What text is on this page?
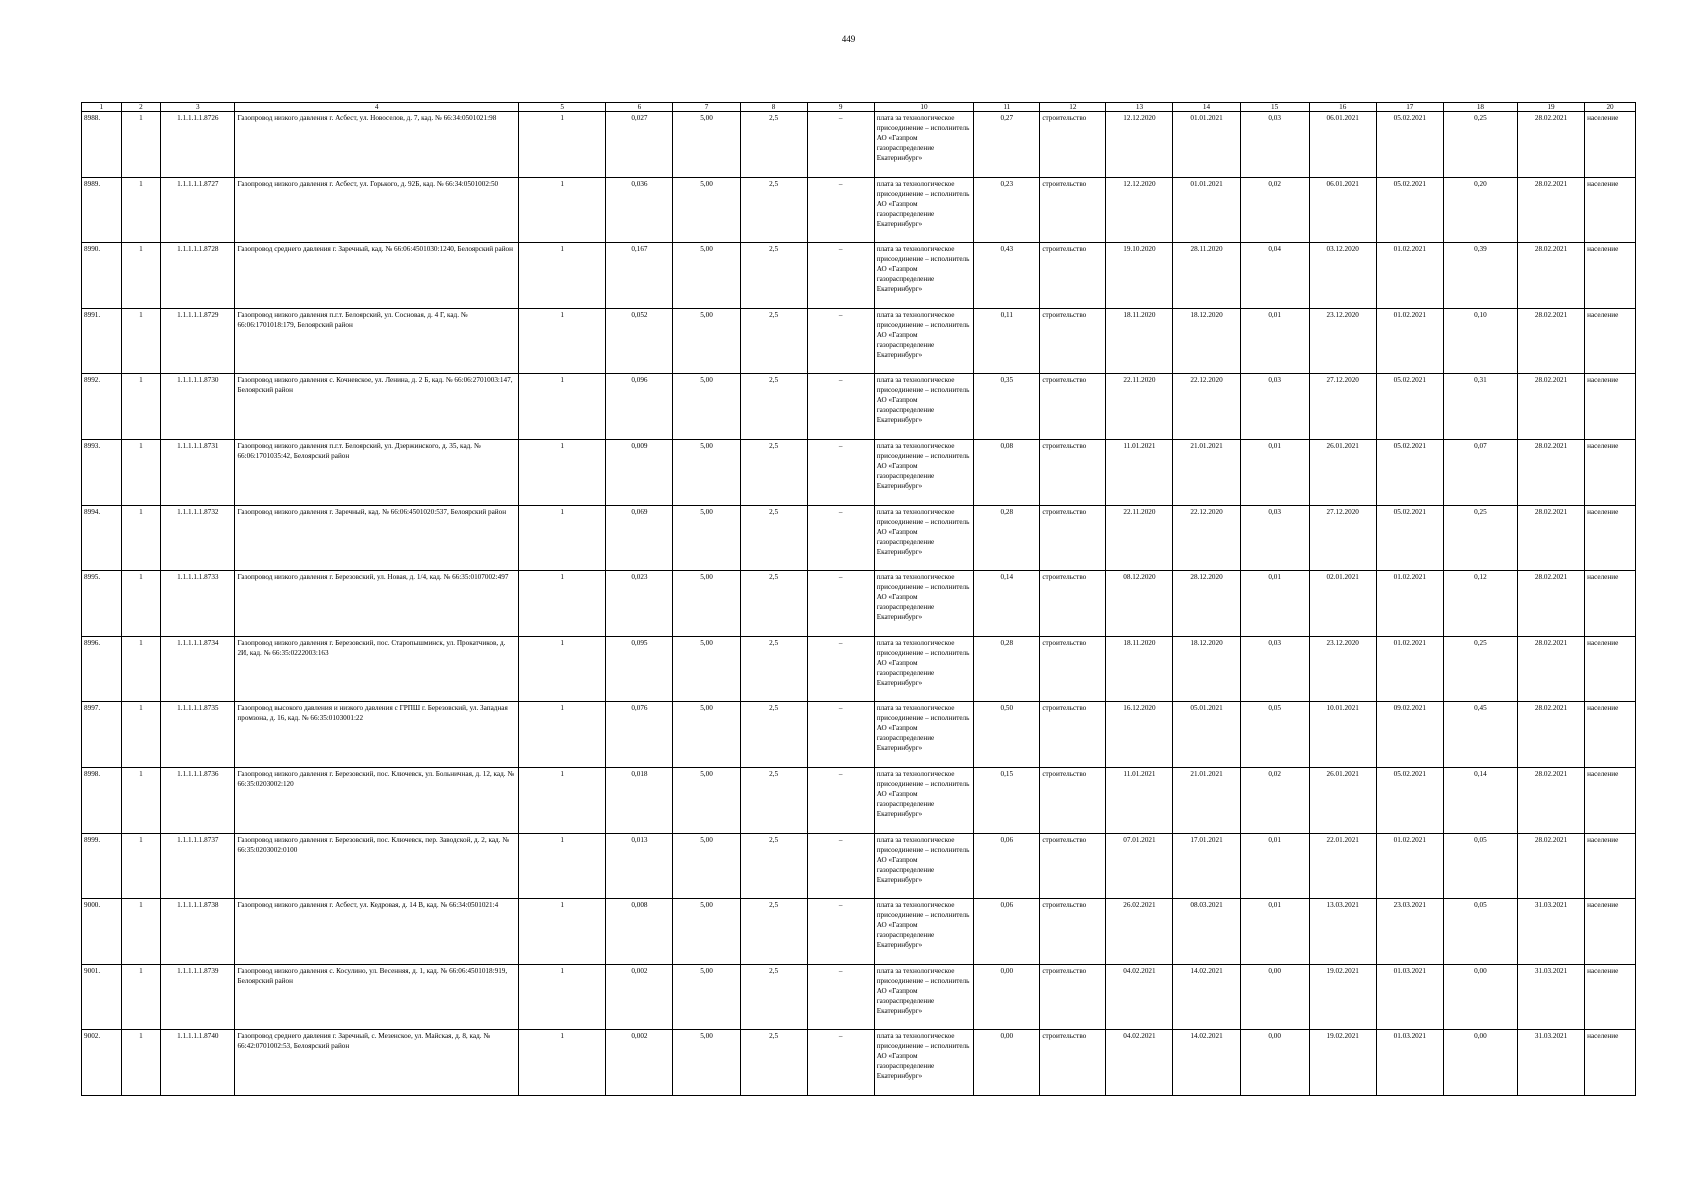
449
1	2	3	4	5	6	7	8	9	10	11	12	13	14	15	16	17	18	19	20
8988.	1	1.1.1.1.1.8726	Газопровод низкого давления г. Асбест, ул. Новоселов, д. 7, кад. № 66:34:0501021:98	1	0,027	5,00	2,5	–	плата за технологическое присоединение – исполнитель АО «Газпром газораспределение Екатеринбург»	0,27	строительство	12.12.2020	01.01.2021	0,03	06.01.2021	05.02.2021	0,25	28.02.2021	население
8989.	1	1.1.1.1.1.8727	Газопровод низкого давления г. Асбест, ул. Горького, д. 92Б, кад. № 66:34:0501002:50	1	0,036	5,00	2,5	–	плата за технологическое присоединение – исполнитель АО «Газпром газораспределение Екатеринбург»	0,23	строительство	12.12.2020	01.01.2021	0,02	06.01.2021	05.02.2021	0,20	28.02.2021	население
8990.	1	1.1.1.1.1.8728	Газопровод среднего давления г. Заречный, кад. № 66:06:4501030:1240, Белоярский район	1	0,167	5,00	2,5	–	плата за технологическое присоединение – исполнитель АО «Газпром газораспределение Екатеринбург»	0,43	строительство	19.10.2020	28.11.2020	0,04	03.12.2020	01.02.2021	0,39	28.02.2021	население
8991.	1	1.1.1.1.1.8729	Газопровод низкого давления п.г.т. Белоярский, ул. Сосновая, д. 4 Г, кад. № 66:06:1701018:179, Белоярский район	1	0,052	5,00	2,5	–	плата за технологическое присоединение – исполнитель АО «Газпром газораспределение Екатеринбург»	0,11	строительство	18.11.2020	18.12.2020	0,01	23.12.2020	01.02.2021	0,10	28.02.2021	население
8992.	1	1.1.1.1.1.8730	Газопровод низкого давления с. Кочневское, ул. Ленина, д. 2 Б, кад. № 66:06:2701003:147, Белоярский район	1	0,096	5,00	2,5	–	плата за технологическое присоединение – исполнитель АО «Газпром газораспределение Екатеринбург»	0,35	строительство	22.11.2020	22.12.2020	0,03	27.12.2020	05.02.2021	0,31	28.02.2021	население
8993.	1	1.1.1.1.1.8731	Газопровод низкого давления п.г.т. Белоярский, ул. Дзержинского, д. 35, кад. № 66:06:1701035:42, Белоярский район	1	0,009	5,00	2,5	–	плата за технологическое присоединение – исполнитель АО «Газпром газораспределение Екатеринбург»	0,08	строительство	11.01.2021	21.01.2021	0,01	26.01.2021	05.02.2021	0,07	28.02.2021	население
8994.	1	1.1.1.1.1.8732	Газопровод низкого давления г. Заречный, кад. № 66:06:4501020:537, Белоярский район	1	0,069	5,00	2,5	–	плата за технологическое присоединение – исполнитель АО «Газпром газораспределение Екатеринбург»	0,28	строительство	22.11.2020	22.12.2020	0,03	27.12.2020	05.02.2021	0,25	28.02.2021	население
8995.	1	1.1.1.1.1.8733	Газопровод низкого давления г. Березовский, ул. Новая, д. 1/4, кад. № 66:35:0107002:497	1	0,023	5,00	2,5	–	плата за технологическое присоединение – исполнитель АО «Газпром газораспределение Екатеринбург»	0,14	строительство	08.12.2020	28.12.2020	0,01	02.01.2021	01.02.2021	0,12	28.02.2021	население
8996.	1	1.1.1.1.1.8734	Газопровод низкого давления г. Березовский, пос. Старопышминск, ул. Прокатчиков, д. 2И, кад. № 66:35:0222003:163	1	0,095	5,00	2,5	–	плата за технологическое присоединение – исполнитель АО «Газпром газораспределение Екатеринбург»	0,28	строительство	18.11.2020	18.12.2020	0,03	23.12.2020	01.02.2021	0,25	28.02.2021	население
8997.	1	1.1.1.1.1.8735	Газопровод высокого давления и низкого давления с ГРПШ г. Березовский, ул. Западная промзона, д. 16, кад. № 66:35:0103001:22	1	0,076	5,00	2,5	–	плата за технологическое присоединение – исполнитель АО «Газпром газораспределение Екатеринбург»	0,50	строительство	16.12.2020	05.01.2021	0,05	10.01.2021	09.02.2021	0,45	28.02.2021	население
8998.	1	1.1.1.1.1.8736	Газопровод низкого давления г. Березовский, пос. Ключевск, ул. Больничная, д. 12, кад. № 66:35:0203002:120	1	0,018	5,00	2,5	–	плата за технологическое присоединение – исполнитель АО «Газпром газораспределение Екатеринбург»	0,15	строительство	11.01.2021	21.01.2021	0,02	26.01.2021	05.02.2021	0,14	28.02.2021	население
8999.	1	1.1.1.1.1.8737	Газопровод низкого давления г. Березовский, пос. Ключевск, пер. Заводской, д. 2, кад. № 66:35:0203002:0100	1	0,013	5,00	2,5	–	плата за технологическое присоединение – исполнитель АО «Газпром газораспределение Екатеринбург»	0,06	строительство	07.01.2021	17.01.2021	0,01	22.01.2021	01.02.2021	0,05	28.02.2021	население
9000.	1	1.1.1.1.1.8738	Газопровод низкого давления г. Асбест, ул. Кедровая, д. 14 В, кад. № 66:34:0501021:4	1	0,008	5,00	2,5	–	плата за технологическое присоединение – исполнитель АО «Газпром газораспределение Екатеринбург»	0,06	строительство	26.02.2021	08.03.2021	0,01	13.03.2021	23.03.2021	0,05	31.03.2021	население
9001.	1	1.1.1.1.1.8739	Газопровод низкого давления с. Косулино, ул. Весенняя, д. 1, кад. № 66:06:4501018:919, Белоярский район	1	0,002	5,00	2,5	–	плата за технологическое присоединение – исполнитель АО «Газпром газораспределение Екатеринбург»	0,00	строительство	04.02.2021	14.02.2021	0,00	19.02.2021	01.03.2021	0,00	31.03.2021	население
9002.	1	1.1.1.1.1.8740	Газопровод среднего давления г. Заречный, с. Мезенское, ул. Майская, д. 8, кад. № 66:42:0701002:53, Белоярский район	1	0,002	5,00	2,5	–	плата за технологическое присоединение – исполнитель АО «Газпром газораспределение Екатеринбург»	0,00	строительство	04.02.2021	14.02.2021	0,00	19.02.2021	01.03.2021	0,00	31.03.2021	население
